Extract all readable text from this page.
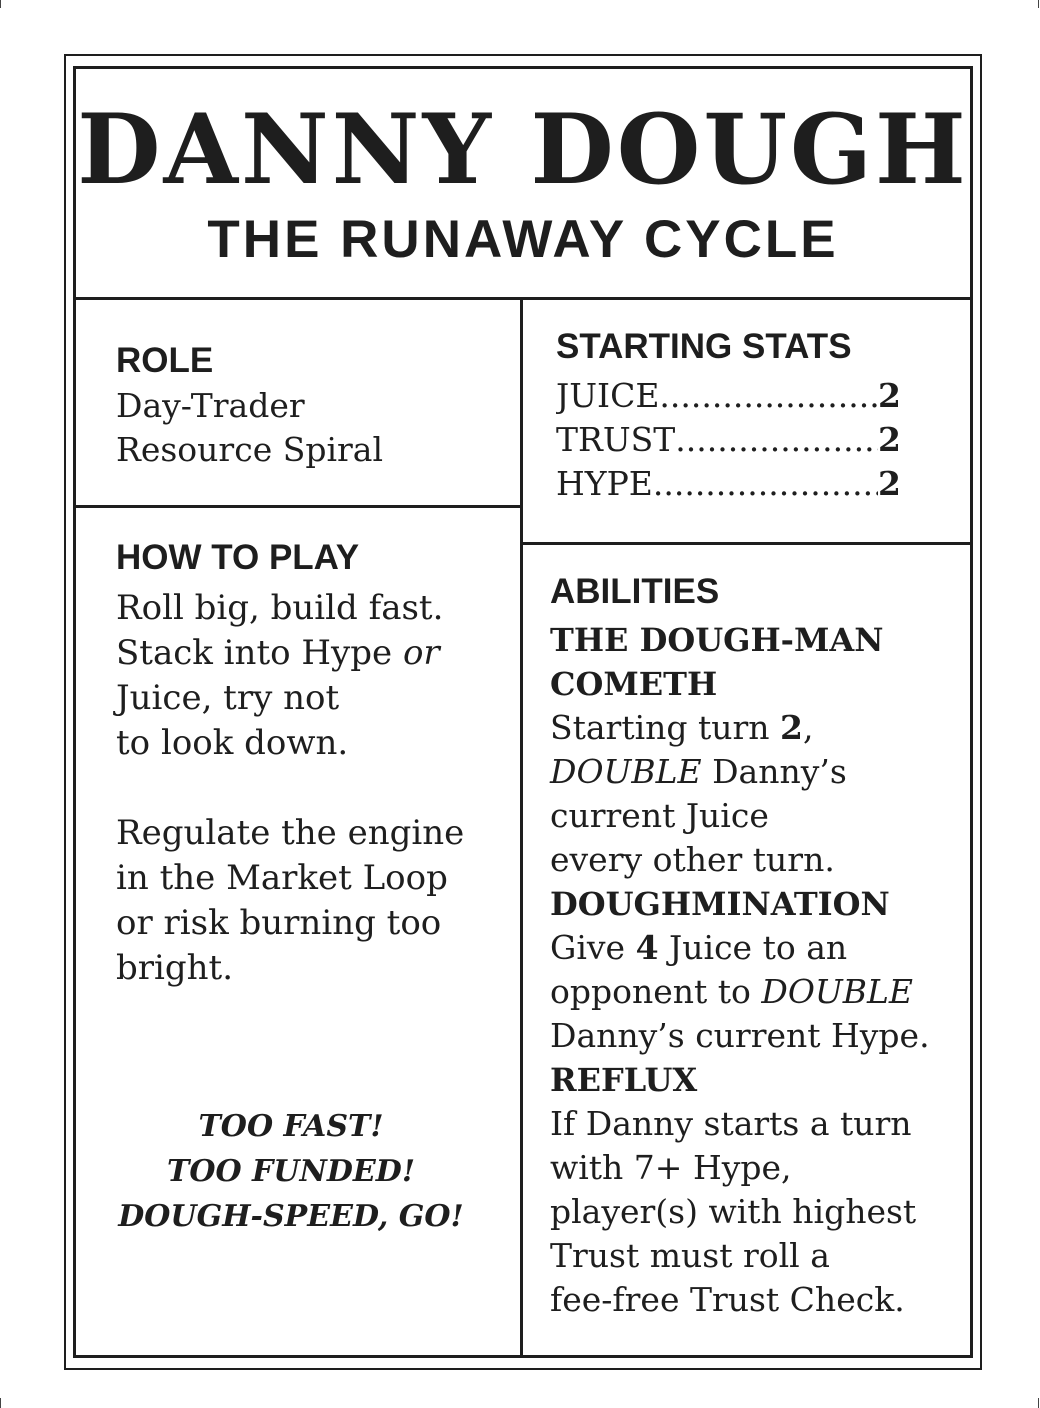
DANNY DOUGH
THE RUNAWAY CYCLE
ROLE
Day-Trader
Resource Spiral
STARTING STATS
JUICE .....	2
TRUST .....	2
HYPE .....	2
HOW TO PLAY
Roll big, build fast.
Stack into Hype or
Juice, try not
to look down.
Regulate the engine
in the Market Loop
or risk burning too
bright.
TOO FAST!
TOO FUNDED!
DOUGH-SPEED, GO!
ABILITIES
THE DOUGH-MAN
COMETH
Starting turn 2,
DOUBLE Danny’s
current Juice
every other turn.
DOUGHMINATION
Give 4 Juice to an
opponent to DOUBLE
Danny’s current Hype.
REFLUX
If Danny starts a turn
with 7+ Hype,
player(s) with highest
Trust must roll a
fee-free Trust Check.
